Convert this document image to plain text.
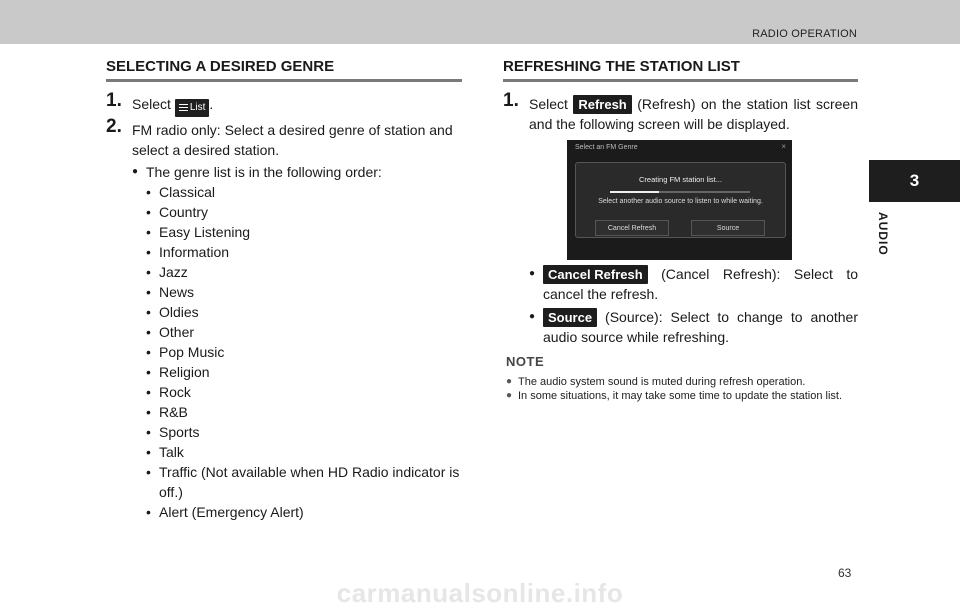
RADIO OPERATION
3
AUDIO
SELECTING A DESIRED GENRE
1. Select List .
2. FM radio only: Select a desired genre of station and select a desired station.
● The genre list is in the following order:
• Classical
• Country
• Easy Listening
• Information
• Jazz
• News
• Oldies
• Other
• Pop Music
• Religion
• Rock
• R&B
• Sports
• Talk
• Traffic (Not available when HD Radio indicator is off.)
• Alert (Emergency Alert)
REFRESHING THE STATION LIST
1. Select Refresh (Refresh) on the station list screen and the following screen will be displayed.
Select an FM Genre	×
Creating FM station list...
Select another audio source to listen to while waiting.
Cancel Refresh	Source
● Cancel Refresh (Cancel Refresh): Select to cancel the refresh.
● Source (Source): Select to change to another audio source while refreshing.
NOTE
● The audio system sound is muted during refresh operation.
● In some situations, it may take some time to update the station list.
63
carmanualsonline.info
